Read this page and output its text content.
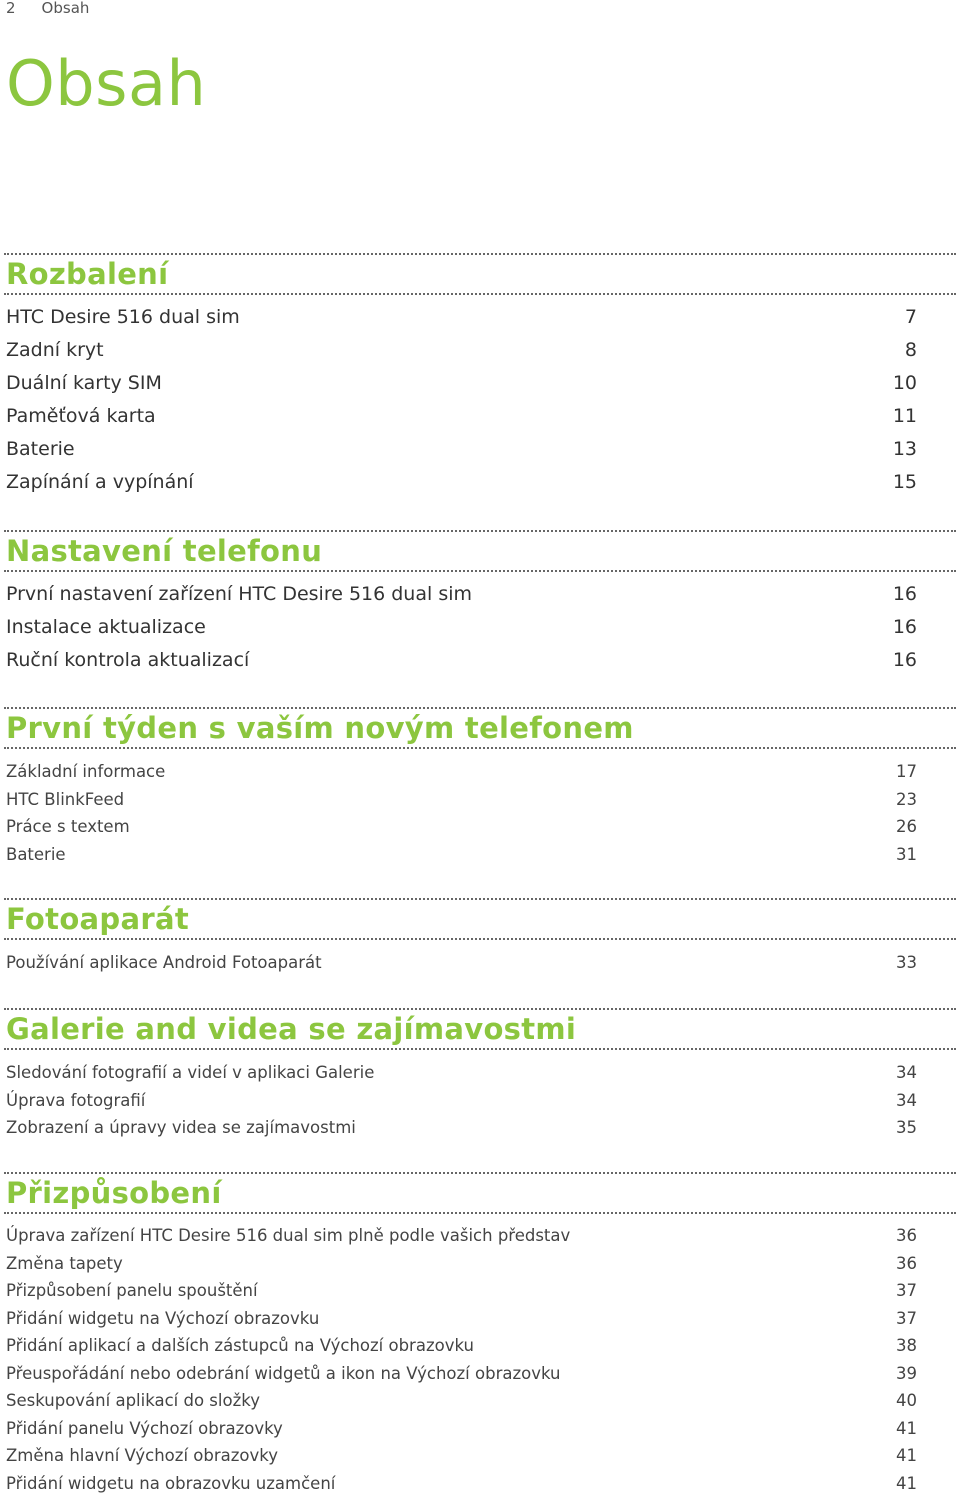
2 Obsah
Obsah
Rozbalení
HTC Desire 516 dual sim	7
Zadní kryt	8
Duální karty SIM	10
Paměťová karta	11
Baterie	13
Zapínání a vypínání	15
Nastavení telefonu
První nastavení zařízení HTC Desire 516 dual sim	16
Instalace aktualizace	16
Ruční kontrola aktualizací	16
První týden s vaším novým telefonem
Základní informace	17
HTC BlinkFeed	23
Práce s textem	26
Baterie	31
Fotoaparát
Používání aplikace Android Fotoaparát	33
Galerie and videa se zajímavostmi
Sledování fotografií a videí v aplikaci Galerie	34
Úprava fotografií	34
Zobrazení a úpravy videa se zajímavostmi	35
Přizpůsobení
Úprava zařízení HTC Desire 516 dual sim plně podle vašich představ	36
Změna tapety	36
Přizpůsobení panelu spouštění	37
Přidání widgetu na Výchozí obrazovku	37
Přidání aplikací a dalších zástupců na Výchozí obrazovku	38
Přeuspořádání nebo odebrání widgetů a ikon na Výchozí obrazovku	39
Seskupování aplikací do složky	40
Přidání panelu Výchozí obrazovky	41
Změna hlavní Výchozí obrazovky	41
Přidání widgetu na obrazovku uzamčení	41
